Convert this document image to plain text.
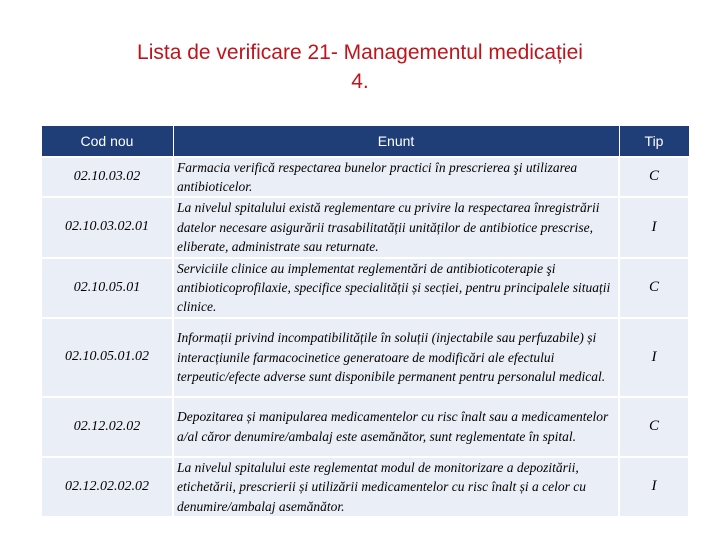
Lista de verificare 21- Managementul medicației
4.
Cod nou	Enunt	Tip
02.10.03.02	Farmacia verifică respectarea bunelor practici în prescrierea şi utilizarea antibioticelor.	C
02.10.03.02.01	La nivelul spitalului există reglementare cu privire la respectarea înregistrării datelor necesare asigurării trasabilitatății unităților de antibiotice prescrise, eliberate, administrate sau returnate.	I
02.10.05.01	Serviciile clinice au implementat reglementări de antibioticoterapie şi antibioticoprofilaxie, specifice specialității și secției, pentru principalele situații clinice.	C
02.10.05.01.02	Informații privind incompatibilitățile în soluții (injectabile sau perfuzabile) și interacțiunile farmacocinetice generatoare de modificări ale efectului terpeutic/efecte adverse sunt disponibile permanent pentru personalul medical.	I
02.12.02.02	Depozitarea și manipularea medicamentelor cu risc înalt sau a medicamentelor a/al căror denumire/ambalaj este asemănător, sunt reglementate în spital.	C
02.12.02.02.02	La nivelul spitalului este reglementat modul de monitorizare a depozitării, etichetării, prescrierii și utilizării medicamentelor cu risc înalt și a celor cu denumire/ambalaj asemănător.	I
